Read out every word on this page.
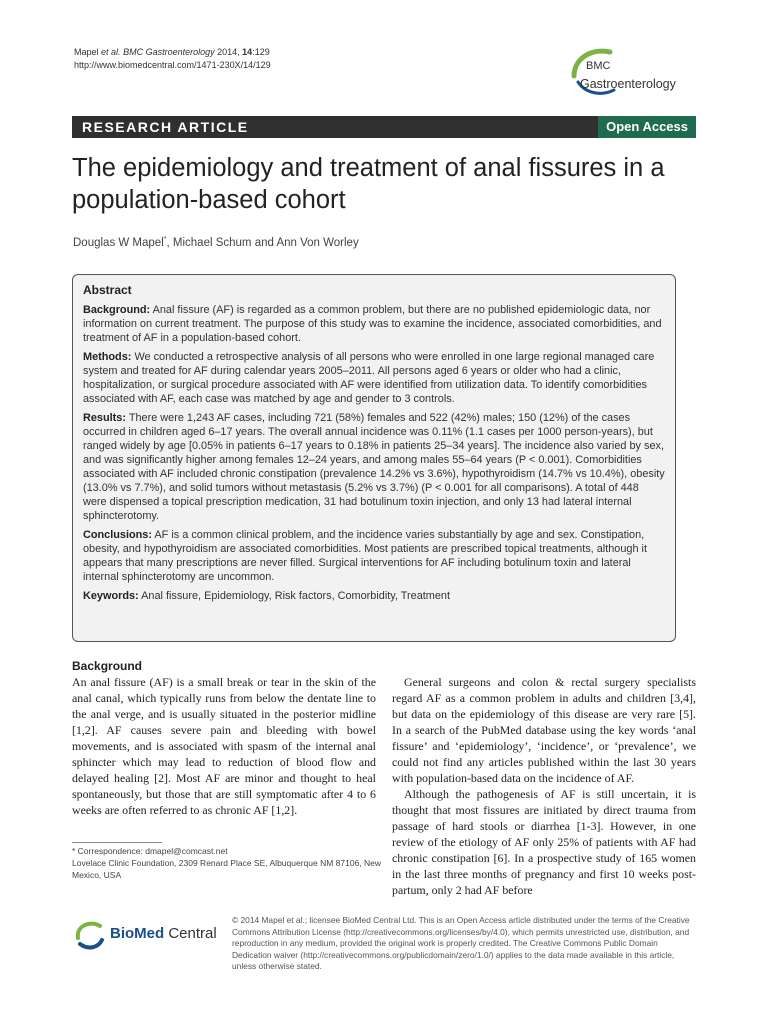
Mapel et al. BMC Gastroenterology 2014, 14:129
http://www.biomedcentral.com/1471-230X/14/129	BMC
Gastroenterology
RESEARCH ARTICLE	Open Access
The epidemiology and treatment of anal fissures in a population-based cohort
Douglas W Mapel*, Michael Schum and Ann Von Worley
Abstract

Background: Anal fissure (AF) is regarded as a common problem, but there are no published epidemiologic data, nor information on current treatment. The purpose of this study was to examine the incidence, associated comorbidities, and treatment of AF in a population-based cohort.

Methods: We conducted a retrospective analysis of all persons who were enrolled in one large regional managed care system and treated for AF during calendar years 2005–2011. All persons aged 6 years or older who had a clinic, hospitalization, or surgical procedure associated with AF were identified from utilization data. To identify comorbidities associated with AF, each case was matched by age and gender to 3 controls.

Results: There were 1,243 AF cases, including 721 (58%) females and 522 (42%) males; 150 (12%) of the cases occurred in children aged 6–17 years. The overall annual incidence was 0.11% (1.1 cases per 1000 person-years), but ranged widely by age [0.05% in patients 6–17 years to 0.18% in patients 25–34 years]. The incidence also varied by sex, and was significantly higher among females 12–24 years, and among males 55–64 years (P < 0.001). Comorbidities associated with AF included chronic constipation (prevalence 14.2% vs 3.6%), hypothyroidism (14.7% vs 10.4%), obesity (13.0% vs 7.7%), and solid tumors without metastasis (5.2% vs 3.7%) (P < 0.001 for all comparisons). A total of 448 were dispensed a topical prescription medication, 31 had botulinum toxin injection, and only 13 had lateral internal sphincterotomy.

Conclusions: AF is a common clinical problem, and the incidence varies substantially by age and sex. Constipation, obesity, and hypothyroidism are associated comorbidities. Most patients are prescribed topical treatments, although it appears that many prescriptions are never filled. Surgical interventions for AF including botulinum toxin and lateral internal sphincterotomy are uncommon.

Keywords: Anal fissure, Epidemiology, Risk factors, Comorbidity, Treatment

Background

An anal fissure (AF) is a small break or tear in the skin of the anal canal, which typically runs from below the dentate line to the anal verge, and is usually situated in the posterior midline [1,2]. AF causes severe pain and bleeding with bowel movements, and is associated with spasm of the internal anal sphincter which may lead to reduction of blood flow and delayed healing [2]. Most AF are minor and thought to heal spontaneously, but those that are still symptomatic after 4 to 6 weeks are often referred to as chronic AF [1,2].

General surgeons and colon & rectal surgery specialists regard AF as a common problem in adults and children [3,4], but data on the epidemiology of this disease are very rare [5]. In a search of the PubMed database using the key words ‘anal fissure’ and ‘epidemiology’, ‘incidence’, or ‘prevalence’, we could not find any articles published within the last 30 years with population-based data on the incidence of AF.

Although the pathogenesis of AF is still uncertain, it is thought that most fissures are initiated by direct trauma from passage of hard stools or diarrhea [1-3]. However, in one review of the etiology of AF only 25% of patients with AF had chronic constipation [6]. In a prospective study of 165 women in the last three months of pregnancy and first 10 weeks post-partum, only 2 had AF before

* Correspondence: dmapel@comcast.net
Lovelace Clinic Foundation, 2309 Renard Place SE, Albuquerque NM 87106, New Mexico, USA
BioMed Central
© 2014 Mapel et al.; licensee BioMed Central Ltd. This is an Open Access article distributed under the terms of the Creative Commons Attribution License (http://creativecommons.org/licenses/by/4.0), which permits unrestricted use, distribution, and reproduction in any medium, provided the original work is properly credited. The Creative Commons Public Domain Dedication waiver (http://creativecommons.org/publicdomain/zero/1.0/) applies to the data made available in this article, unless otherwise stated.
